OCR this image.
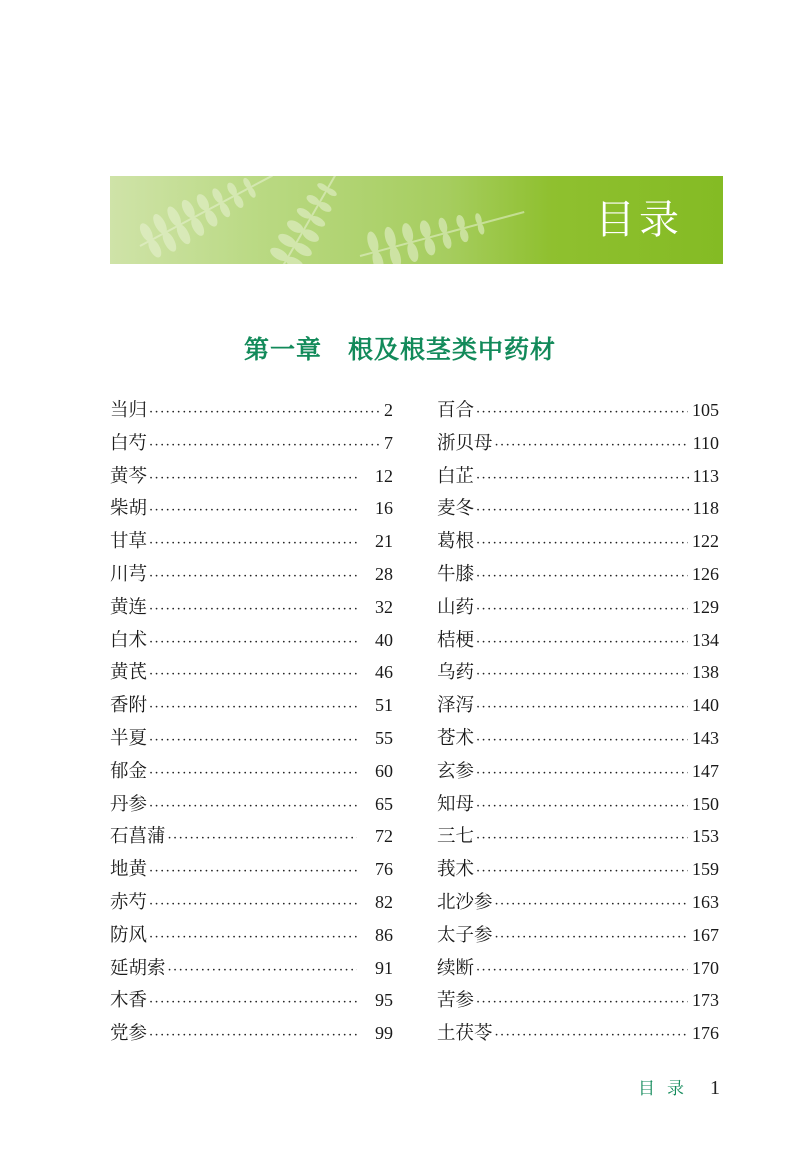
目录
第一章　根及根茎类中药材
当归 ·····	2
白芍 ·····	7
黄芩 ·····	12
柴胡 ·····	16
甘草 ·····	21
川芎 ·····	28
黄连 ·····	32
白术 ·····	40
黄芪 ·····	46
香附 ·····	51
半夏 ·····	55
郁金 ·····	60
丹参 ·····	65
石菖蒲 ·····	72
地黄 ·····	76
赤芍 ·····	82
防风 ·····	86
延胡索 ·····	91
木香 ·····	95
党参 ·····	99
百合 ·····	105
浙贝母 ·····	110
白芷 ·····	113
麦冬 ·····	118
葛根 ·····	122
牛膝 ·····	126
山药 ·····	129
桔梗 ·····	134
乌药 ·····	138
泽泻 ·····	140
苍术 ·····	143
玄参 ·····	147
知母 ·····	150
三七 ·····	153
莪术 ·····	159
北沙参 ·····	163
太子参 ·····	167
续断 ·····	170
苦参 ·····	173
土茯苓 ·····	176
目录 1
